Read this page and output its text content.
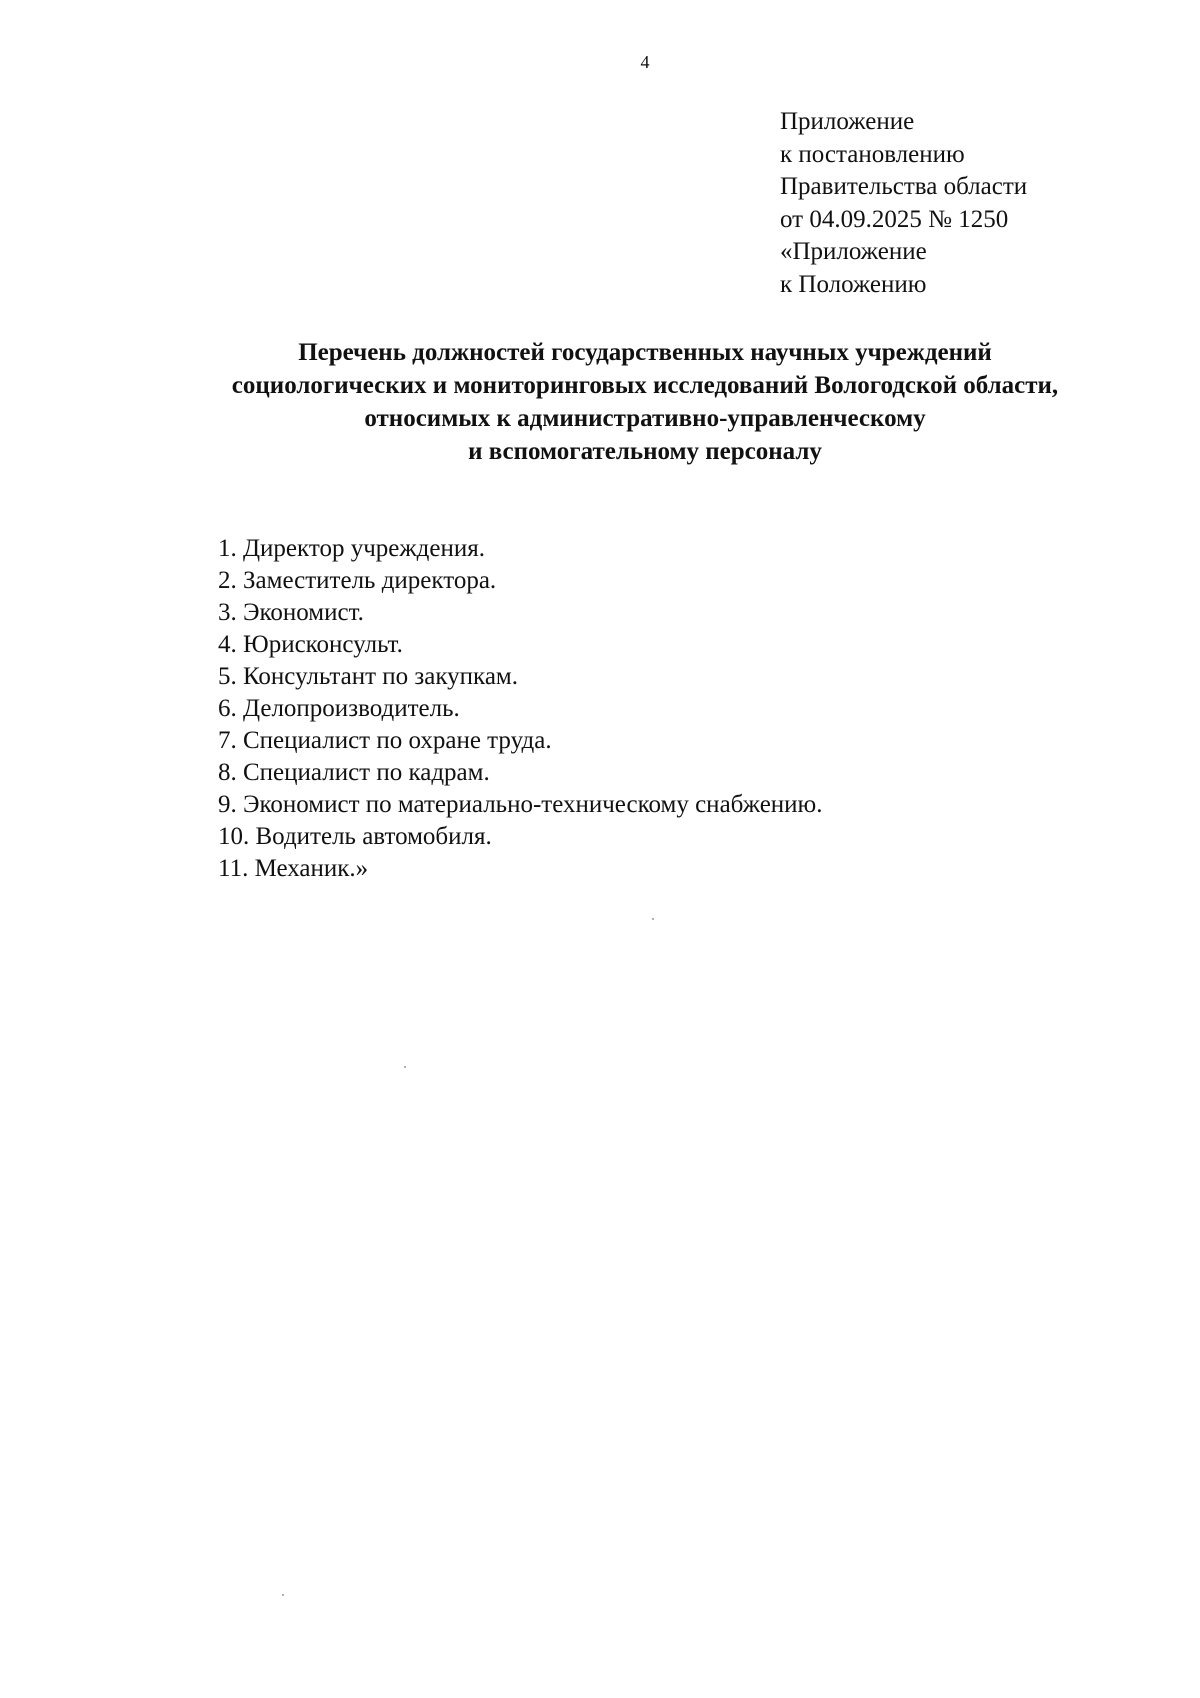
4
Приложение
к постановлению
Правительства области
от 04.09.2025 № 1250
«Приложение
к Положению
Перечень должностей государственных научных учреждений
социологических и мониторинговых исследований Вологодской области,
относимых к административно-управленческому
и вспомогательному персоналу
1. Директор учреждения.
2. Заместитель директора.
3. Экономист.
4. Юрисконсульт.
5. Консультант по закупкам.
6. Делопроизводитель.
7. Специалист по охране труда.
8. Специалист по кадрам.
9. Экономист по материально-техническому снабжению.
10. Водитель автомобиля.
11. Механик.»
